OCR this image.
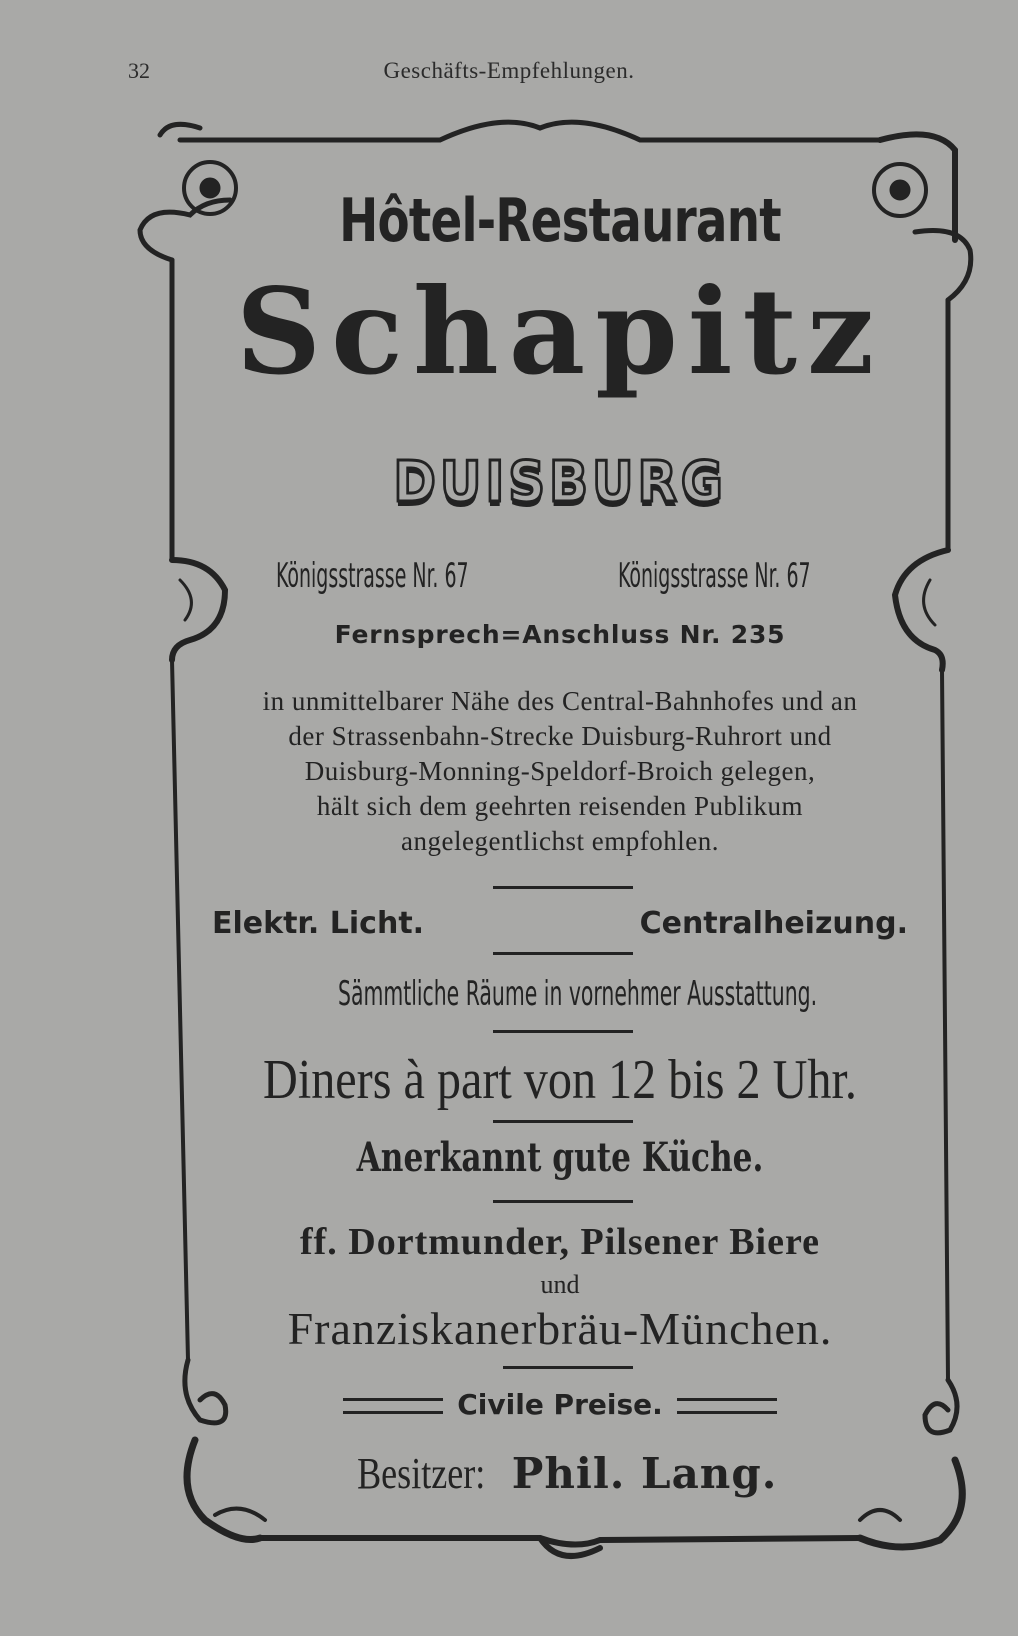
32	Geschäfts-Empfehlungen.
Hôtel-Restaurant
Schapitz
DUISBURG
Königsstrasse Nr. 67	Königsstrasse Nr. 67
Fernsprech=Anschluss Nr. 235
in unmittelbarer Nähe des Central-Bahnhofes und an
der Strassenbahn-Strecke Duisburg-Ruhrort und
Duisburg-Monning-Speldorf-Broich gelegen,
hält sich dem geehrten reisenden Publikum
angelegentlichst empfohlen.
Elektr. Licht.	Centralheizung.
Sämmtliche Räume in vornehmer Ausstattung.
Diners à part von 12 bis 2 Uhr.
Anerkannt gute Küche.
ff. Dortmunder, Pilsener Biere
und
Franziskanerbräu-München.
Civile Preise.
Besitzer: Phil. Lang.
